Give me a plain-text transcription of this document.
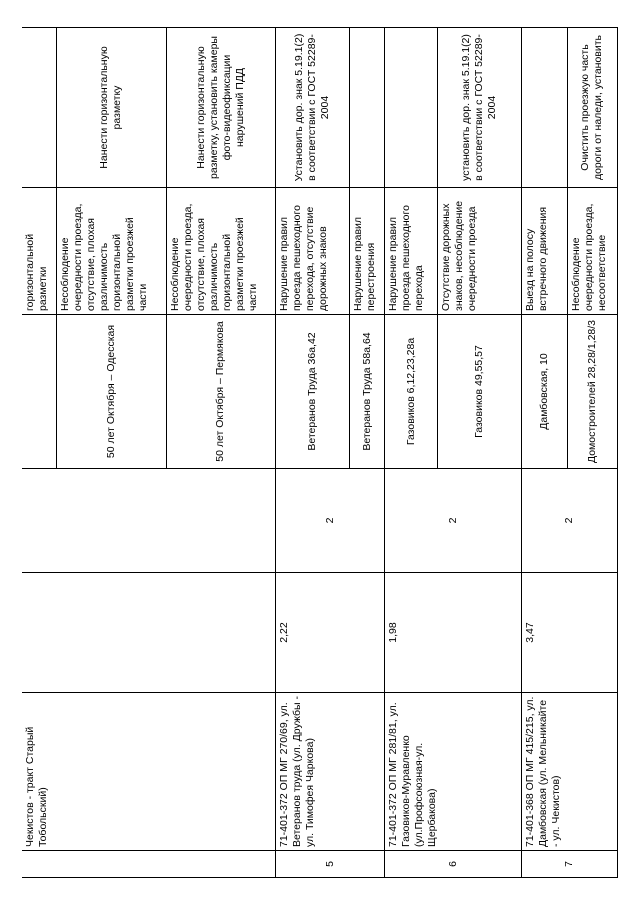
	Чекистов - тракт Старый Тобольский)				горизонтальной разметки	
				50 лет Октября – Одесская	Несоблюдение очередности проезда, отсутствие, плохая различимость горизонтальной разметки проезжей части	Нанести горизонтальную разметку
				50 лет Октября – Пермякова	Несоблюдение очередности проезда, отсутствие, плохая различимость горизонтальной разметки проезжей части	Нанести горизонтальную разметку, установить камеры фото-видеофиксации нарушений ПДД
5	71-401-372 ОП МГ 270/69, ул. Ветеранов труда (ул. Дружбы - ул. Тимофея Чаркова)	2,22	2	Ветеранов Труда 36а,42	Нарушение правил проезда пешеходного перехода, отсутствие дорожных знаков	Установить дор. знак 5.19.1(2) в соответствии с ГОСТ 52289-2004
				Ветеранов Труда 58а,64	Нарушение правил перестроения	
6	71-401-372 ОП МГ 281/81, ул. Газовиков-Муравленко (ул.Профсоюзная-ул. Щербакова)	1,98	2	Газовиков 6,12,23,28а	Нарушение правил проезда пешеходного перехода	
				Газовиков 49,55,57	Отсутствие дорожных знаков, несоблюдение очередности проезда	установить дор. знак 5.19.1(2) в соответствии с ГОСТ 52289-2004
7	71-401-368 ОП МГ 415/215, ул. Дамбовская (ул. Мельникайте - ул. Чекистов)	3,47	2	Дамбовская, 10	Выезд на полосу встречного движения	
				Домостроителей 28,28/1,28/3	Несоблюдение очередности проезда, несоответствие	Очистить проезжую часть дороги от наледи, установить
